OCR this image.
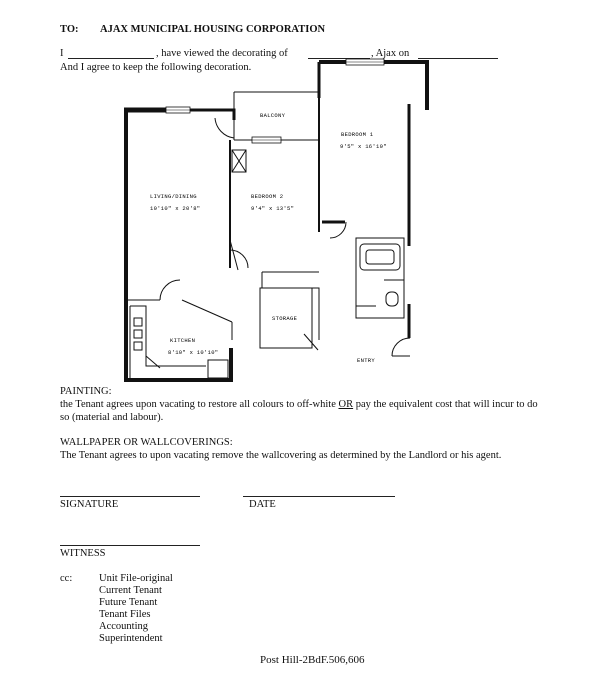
TO: AJAX MUNICIPAL HOUSING CORPORATION
I	, have viewed the decorating of	, Ajax on
And I agree to keep the following decoration.
BALCONY
BEDROOM 1
9'5" x 16'10"
LIVING/DINING
10'10" x 20'8"
BEDROOM 2
9'4" x 13'5"
STORAGE
KITCHEN
8'10" x 10'10"
ENTRY
PAINTING:
the Tenant agrees upon vacating to restore all colours to off-white OR pay the equivalent cost that will incur to do
so (material and labour).
WALLPAPER OR WALLCOVERINGS:
The Tenant agrees to upon vacating remove the wallcovering as determined by the Landlord or his agent.
SIGNATURE	DATE
WITNESS
cc:	Unit File-original
Current Tenant
Future Tenant
Tenant Files
Accounting
Superintendent
Post Hill-2BdF.506,606
